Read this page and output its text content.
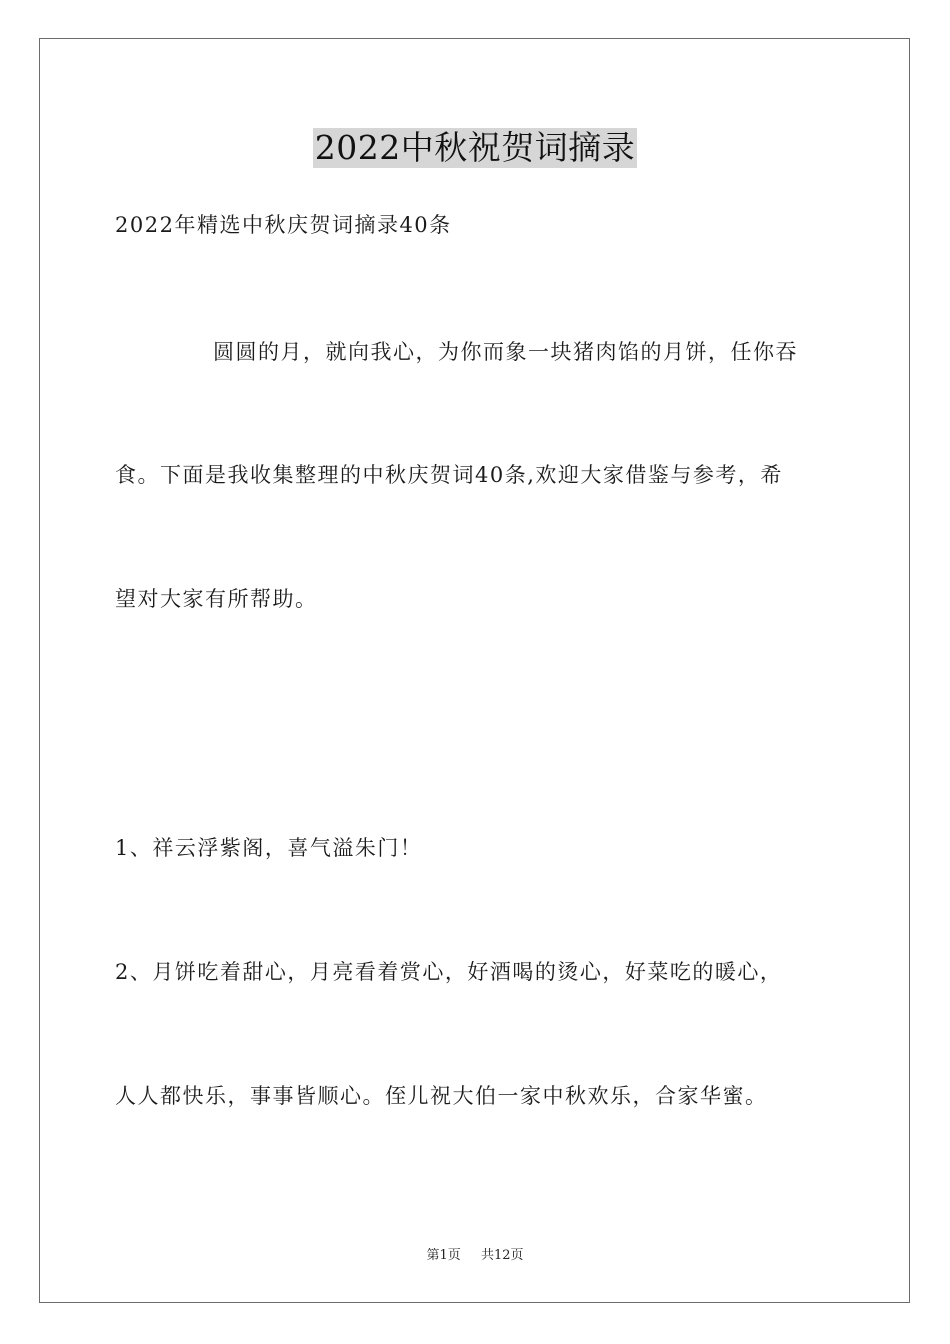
2022中秋祝贺词摘录
2022年精选中秋庆贺词摘录40条
圆圆的月，就向我心，为你而象一块猪肉馅的月饼，任你吞
食。下面是我收集整理的中秋庆贺词40条,欢迎大家借鉴与参考，希
望对大家有所帮助。
1、祥云浮紫阁，喜气溢朱门！
2、月饼吃着甜心，月亮看着赏心，好酒喝的烫心，好菜吃的暖心，
人人都快乐，事事皆顺心。侄儿祝大伯一家中秋欢乐，合家华蜜。
第1页 共12页
